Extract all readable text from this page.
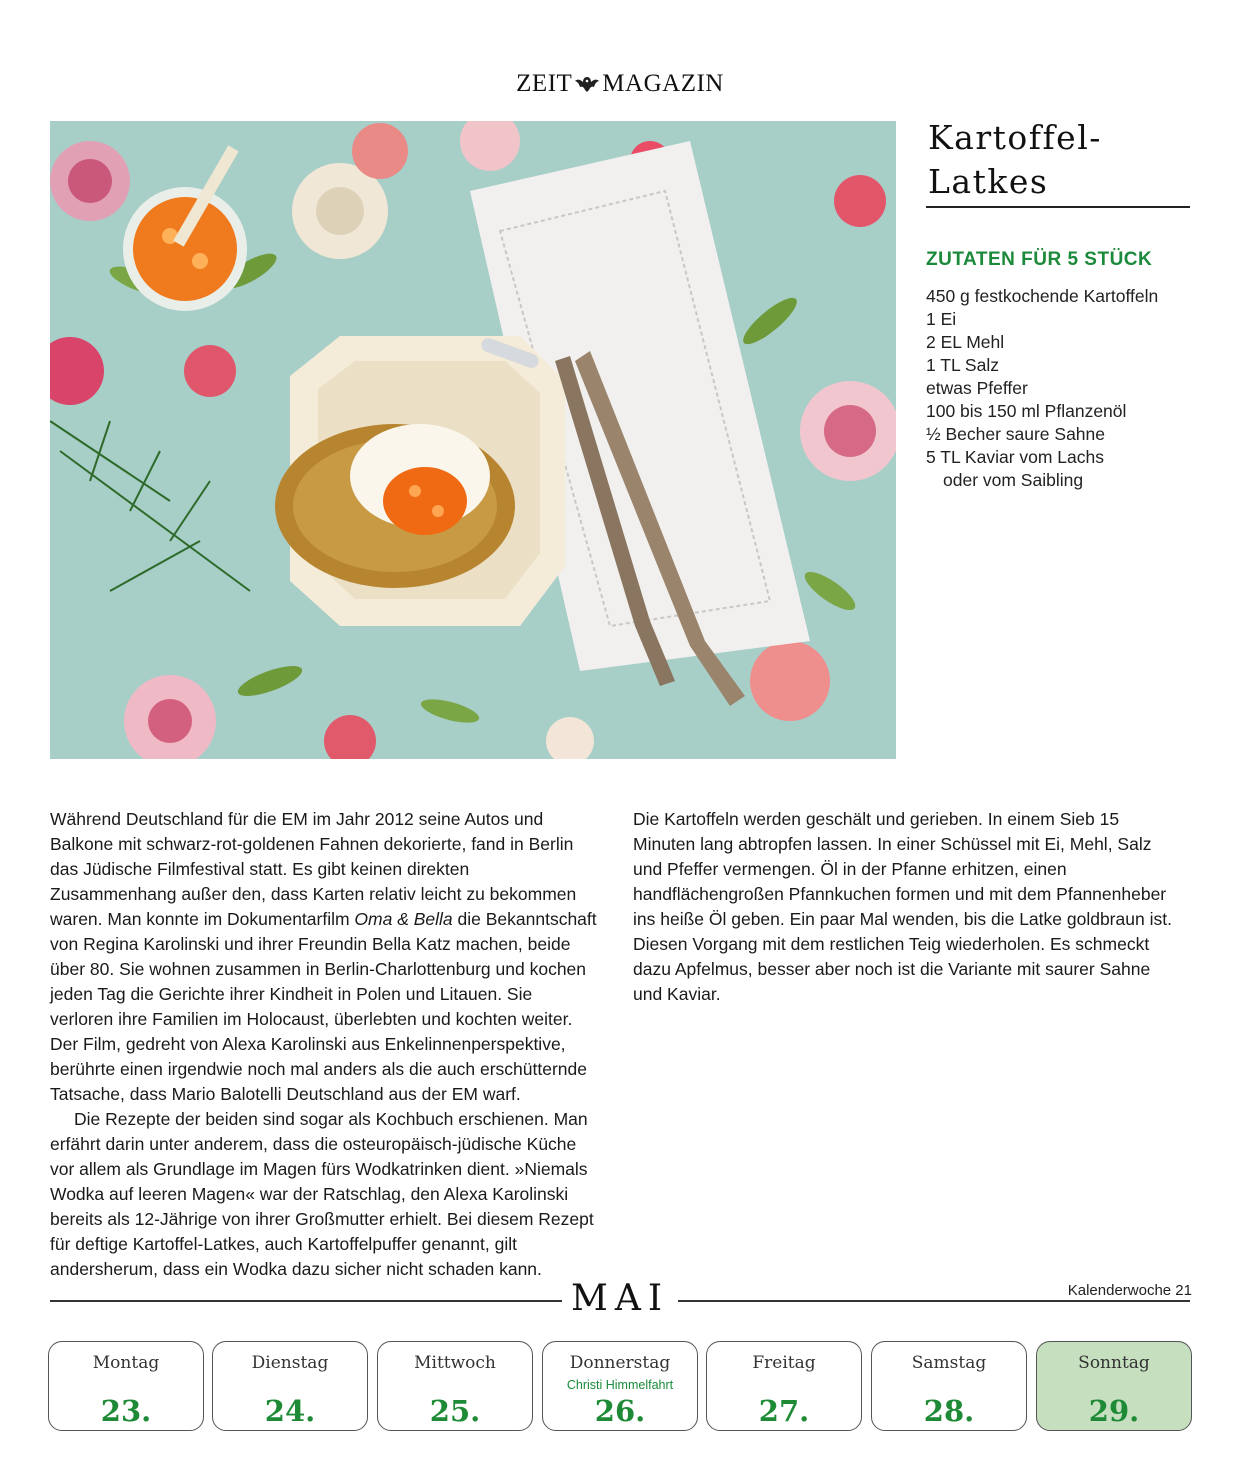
ZEIT MAGAZIN
Kartoffel-
Latkes
ZUTATEN FÜR 5 STÜCK
450 g festkochende Kartoffeln
1 Ei
2 EL Mehl
1 TL Salz
etwas Pfeffer
100 bis 150 ml Pflanzenöl
½ Becher saure Sahne
5 TL Kaviar vom Lachs
oder vom Saibling

Während Deutschland für die EM im Jahr 2012 seine Autos und Balkone mit schwarz-rot-goldenen Fahnen dekorierte, fand in Berlin das Jüdische Filmfestival statt. Es gibt keinen direkten Zusammenhang außer den, dass Karten relativ leicht zu bekommen waren. Man konnte im Dokumentarfilm Oma & Bella die Bekanntschaft von Regina Karolinski und ihrer Freundin Bella Katz machen, beide über 80. Sie wohnen zusammen in Berlin-Charlottenburg und kochen jeden Tag die Gerichte ihrer Kindheit in Polen und Litauen. Sie verloren ihre Familien im Holocaust, überlebten und kochten weiter. Der Film, gedreht von Alexa Karolinski aus Enkelinnenperspektive, berührte einen irgendwie noch mal anders als die auch erschütternde Tatsache, dass Mario Balotelli Deutschland aus der EM warf.

Die Rezepte der beiden sind sogar als Kochbuch erschienen. Man erfährt darin unter anderem, dass die osteuropäisch-jüdische Küche vor allem als Grundlage im Magen fürs Wodkatrinken dient. »Niemals Wodka auf leeren Magen« war der Ratschlag, den Alexa Karolinski bereits als 12-Jährige von ihrer Großmutter erhielt. Bei diesem Rezept für deftige Kartoffel-Latkes, auch Kartoffelpuffer genannt, gilt andersherum, dass ein Wodka dazu sicher nicht schaden kann.

Die Kartoffeln werden geschält und gerieben. In einem Sieb 15 Minuten lang abtropfen lassen. In einer Schüssel mit Ei, Mehl, Salz und Pfeffer vermengen. Öl in der Pfanne erhitzen, einen handflächengroßen Pfannkuchen formen und mit dem Pfannenheber ins heiße Öl geben. Ein paar Mal wenden, bis die Latke goldbraun ist. Diesen Vorgang mit dem restlichen Teig wiederholen. Es schmeckt dazu Apfelmus, besser aber noch ist die Variante mit saurer Sahne und Kaviar.

MAI	Kalenderwoche 21
Montag
23.
Dienstag
24.
Mittwoch
25.
Donnerstag
Christi Himmelfahrt
26.
Freitag
27.
Samstag
28.
Sonntag
29.
